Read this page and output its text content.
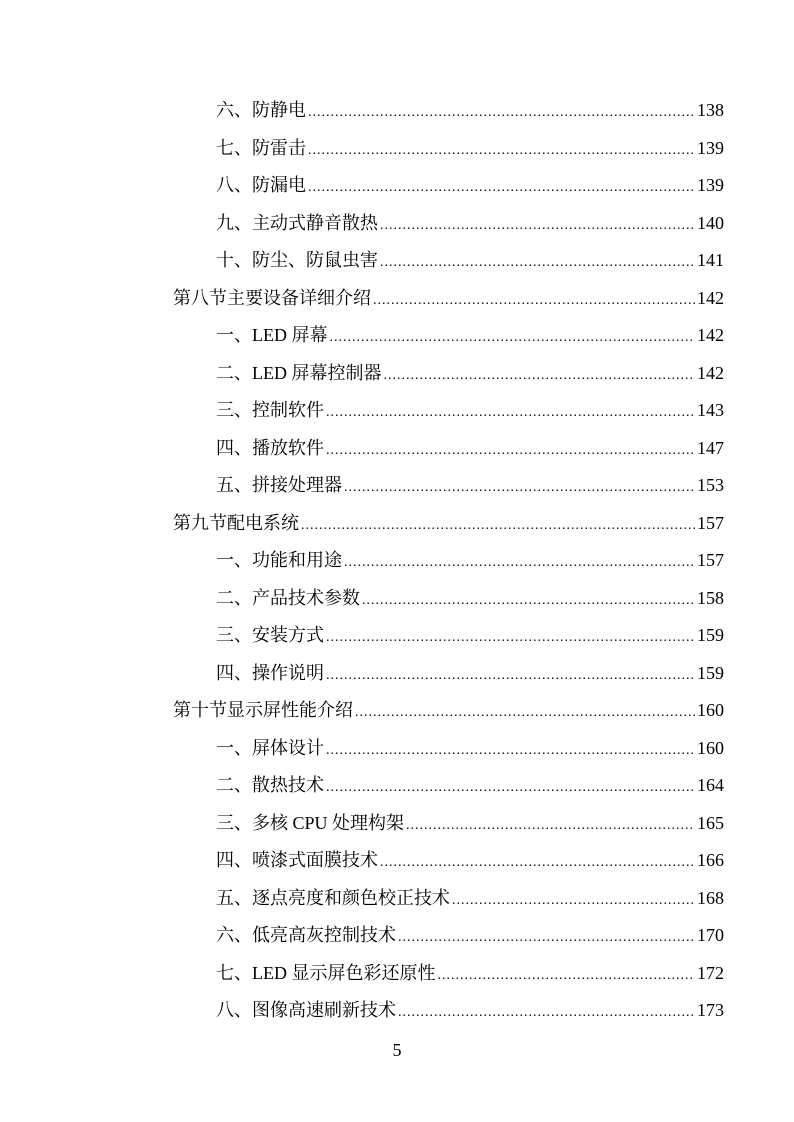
六、 防静电 .....	138
七、 防雷击 .....	139
八、 防漏电 .....	139
九、 主动式静音散热 .....	140
十、 防尘、防鼠虫害 .....	141
第八节 主要设备详细介绍 .....	142
一、 LED 屏幕 .....	142
二、 LED 屏幕控制器 .....	142
三、 控制软件 .....	143
四、 播放软件 .....	147
五、 拼接处理器 .....	153
第九节 配电系统 .....	157
一、 功能和用途 .....	157
二、 产品技术参数 .....	158
三、 安装方式 .....	159
四、 操作说明 .....	159
第十节 显示屏性能介绍 .....	160
一、 屏体设计 .....	160
二、 散热技术 .....	164
三、 多核 CPU 处理构架 .....	165
四、 喷漆式面膜技术 .....	166
五、 逐点亮度和颜色校正技术 .....	168
六、 低亮高灰控制技术 .....	170
七、 LED 显示屏色彩还原性 .....	172
八、 图像高速刷新技术 .....	173
5
